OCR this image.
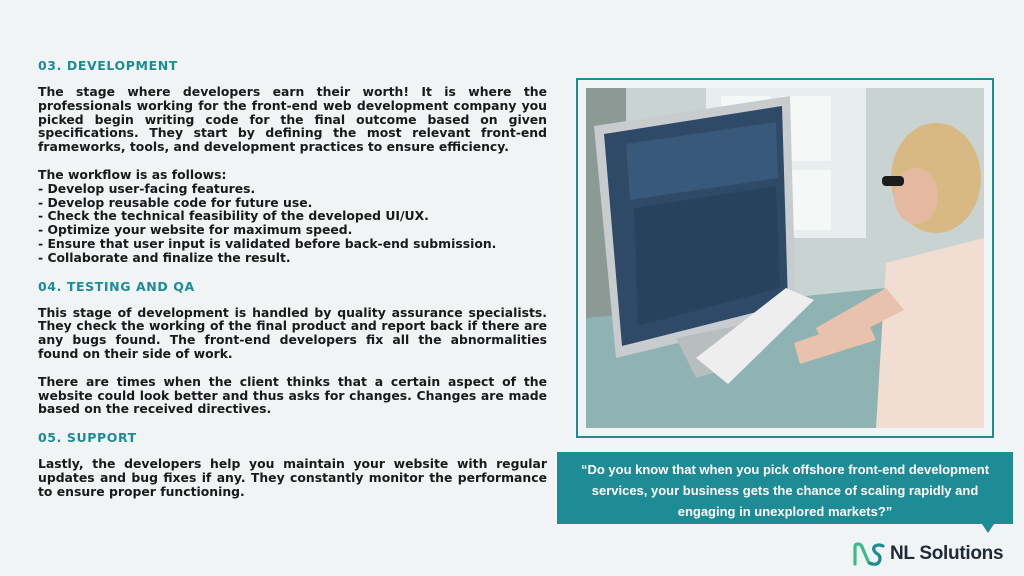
03. DEVELOPMENT

The stage where developers earn their worth! It is where the professionals working for the front-end web development company you picked begin writing code for the final outcome based on given specifications. They start by defining the most relevant front-end frameworks, tools, and development practices to ensure efficiency.

The workflow is as follows:
- Develop user-facing features.
- Develop reusable code for future use.
- Check the technical feasibility of the developed UI/UX.
- Optimize your website for maximum speed.
- Ensure that user input is validated before back-end submission.
- Collaborate and finalize the result.
04. TESTING AND QA

This stage of development is handled by quality assurance specialists. They check the working of the final product and report back if there are any bugs found. The front-end developers fix all the abnormalities found on their side of work.

There are times when the client thinks that a certain aspect of the website could look better and thus asks for changes. Changes are made based on the received directives.

05. SUPPORT

Lastly, the developers help you maintain your website with regular updates and bug fixes if any. They constantly monitor the performance to ensure proper functioning.

“Do you know that when you pick offshore front-end development services, your business gets the chance of scaling rapidly and engaging in unexplored markets?”
NL Solutions
